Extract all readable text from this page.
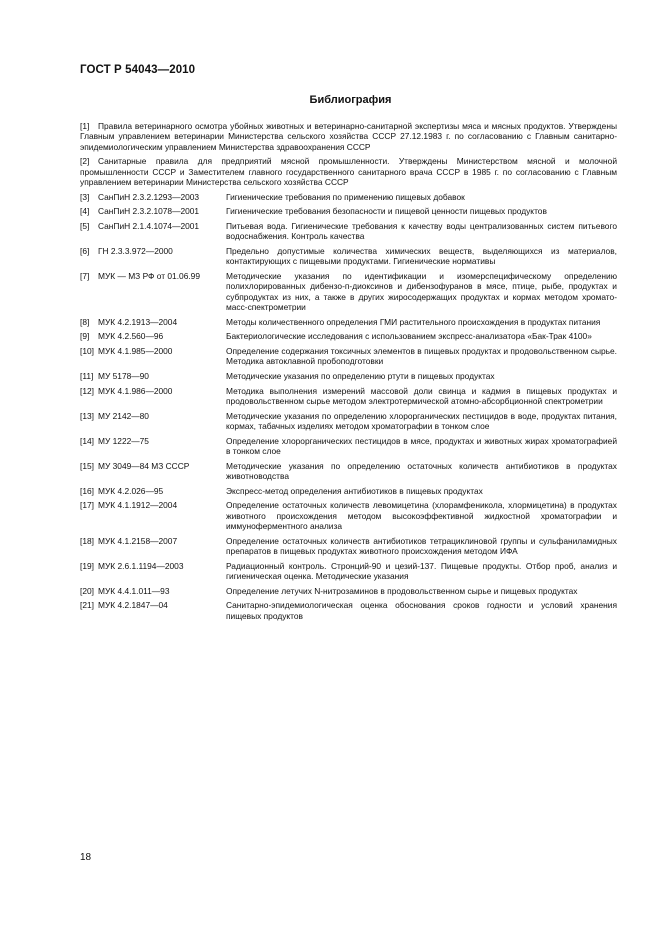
ГОСТ Р 54043—2010
Библиография
[1] Правила ветеринарного осмотра убойных животных и ветеринарно-санитарной экспертизы мяса и мясных продуктов. Утверждены Главным управлением ветеринарии Министерства сельского хозяйства СССР 27.12.1983 г. по согласованию с Главным санитарно-эпидемиологическим управлением Министерства здравоохранения СССР
[2] Санитарные правила для предприятий мясной промышленности. Утверждены Министерством мясной и молочной промышленности СССР и Заместителем главного государственного санитарного врача СССР в 1985 г. по согласованию с Главным управлением ветеринарии Министерства сельского хозяйства СССР
[3]	СанПиН 2.3.2.1293—2003	Гигиенические требования по применению пищевых добавок
[4]	СанПиН 2.3.2.1078—2001	Гигиенические требования безопасности и пищевой ценности пищевых продуктов
[5]	СанПиН 2.1.4.1074—2001	Питьевая вода. Гигиенические требования к качеству воды централизованных систем питьевого водоснабжения. Контроль качества
[6]	ГН 2.3.3.972—2000	Предельно допустимые количества химических веществ, выделяющихся из материалов, контактирующих с пищевыми продуктами. Гигиенические нормативы
[7]	МУК — МЗ РФ от 01.06.99	Методические указания по идентификации и изомерспецифическому определению полихлорированных дибензо-п-диоксинов и дибензофуранов в мясе, птице, рыбе, продуктах и субпродуктах из них, а также в других жиросодержащих продуктах и кормах методом хромато-масс-спектрометрии
[8]	МУК 4.2.1913—2004	Методы количественного определения ГМИ растительного происхождения в продуктах питания
[9]	МУК 4.2.560—96	Бактериологические исследования с использованием экспресс-анализатора «Бак-Трак 4100»
[10] МУК 4.1.985—2000	Определение содержания токсичных элементов в пищевых продуктах и продовольственном сырье. Методика автоклавной пробоподготовки
[11] МУ 5178—90	Методические указания по определению ртути в пищевых продуктах
[12] МУК 4.1.986—2000	Методика выполнения измерений массовой доли свинца и кадмия в пищевых продуктах и продовольственном сырье методом электротермической атомно-абсорбционной спектрометрии
[13] МУ 2142—80	Методические указания по определению хлорорганических пестицидов в воде, продуктах питания, кормах, табачных изделиях методом хроматографии в тонком слое
[14] МУ 1222—75	Определение хлорорганических пестицидов в мясе, продуктах и животных жирах хроматографией в тонком слое
[15] МУ 3049—84 МЗ СССР	Методические указания по определению остаточных количеств антибиотиков в продуктах животноводства
[16] МУК 4.2.026—95	Экспресс-метод определения антибиотиков в пищевых продуктах
[17] МУК 4.1.1912—2004	Определение остаточных количеств левомицетина (хлорамфеникола, хлормицетина) в продуктах животного происхождения методом высокоэффективной жидкостной хроматографии и иммуноферментного анализа
[18] МУК 4.1.2158—2007	Определение остаточных количеств антибиотиков тетрациклиновой группы и сульфаниламидных препаратов в пищевых продуктах животного происхождения методом ИФА
[19] МУК 2.6.1.1194—2003	Радиационный контроль. Стронций-90 и цезий-137. Пищевые продукты. Отбор проб, анализ и гигиеническая оценка. Методические указания
[20] МУК 4.4.1.011—93	Определение летучих N-нитрозаминов в продовольственном сырье и пищевых продуктах
[21] МУК 4.2.1847—04	Санитарно-эпидемиологическая оценка обоснования сроков годности и условий хранения пищевых продуктов
18
